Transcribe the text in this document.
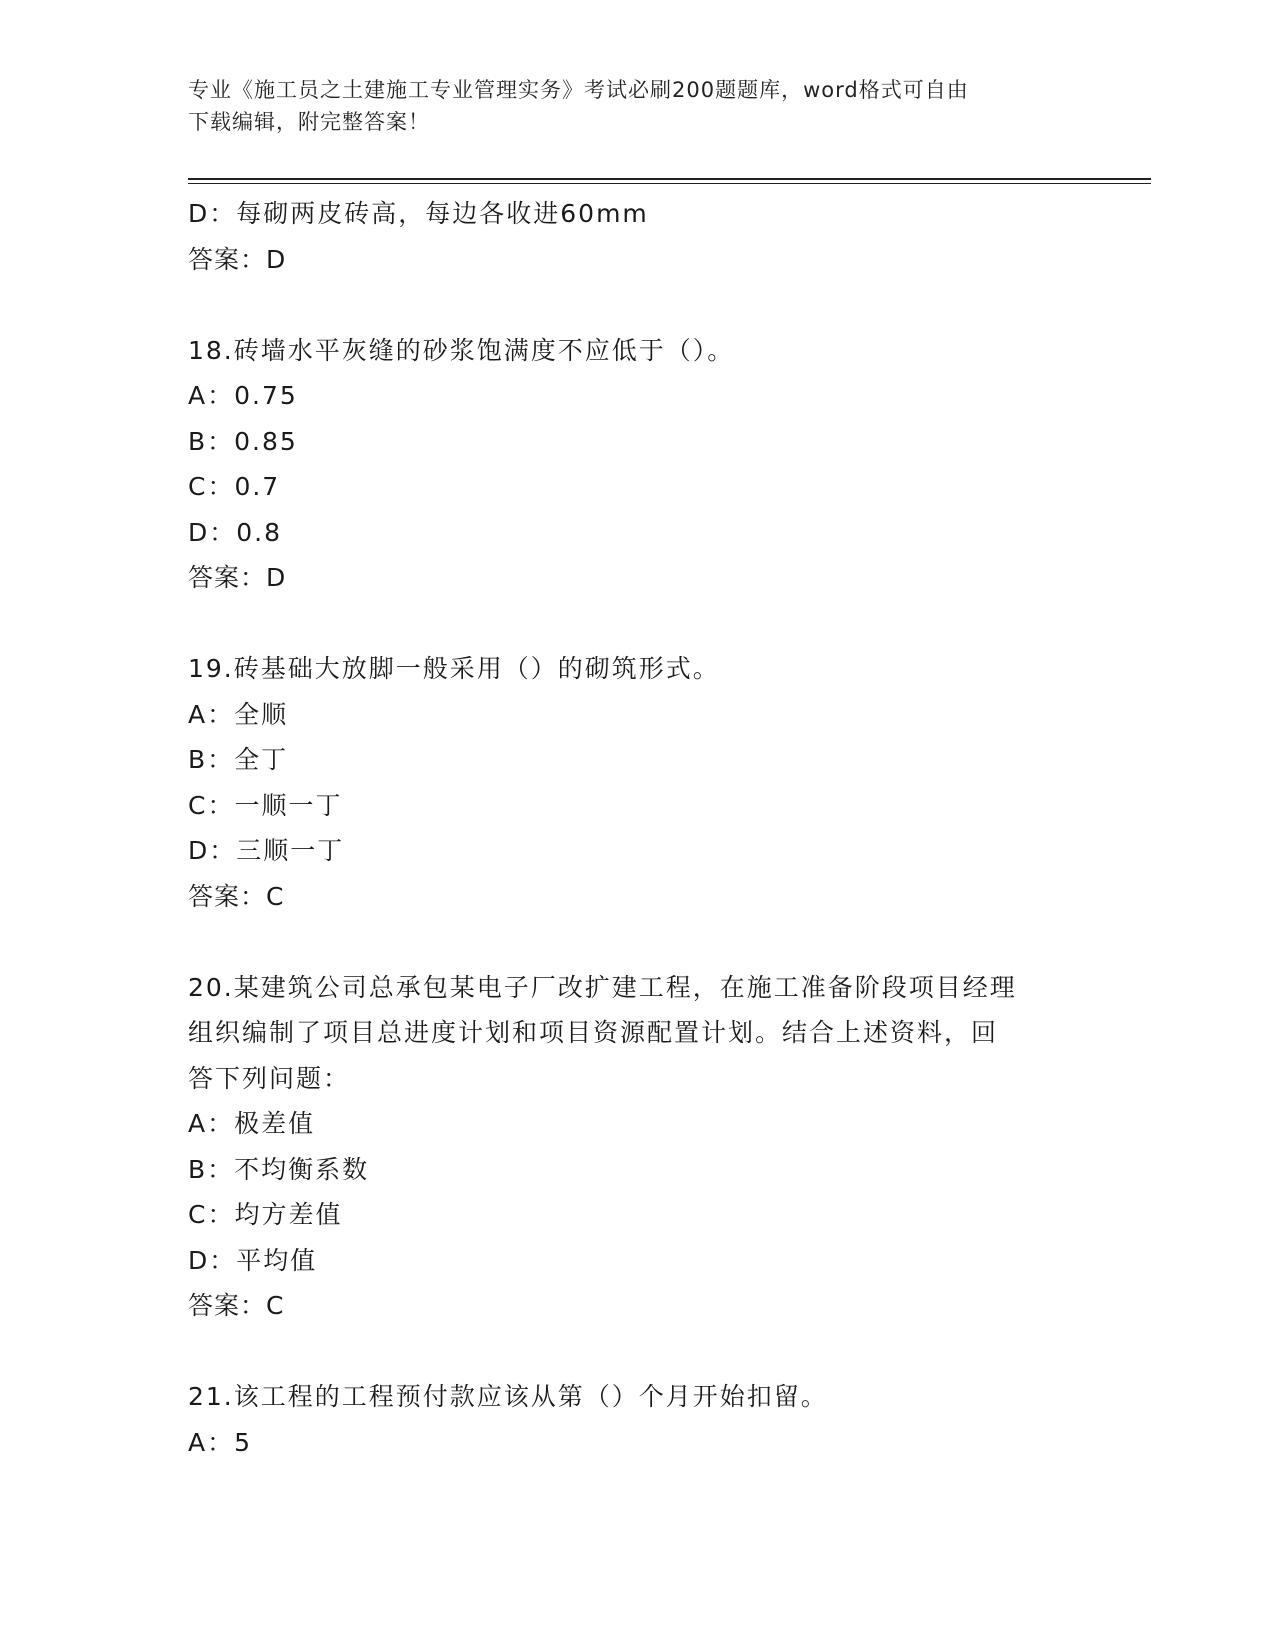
专业《施工员之土建施工专业管理实务》考试必刷200题题库，word格式可自由
下载编辑，附完整答案！
D：每砌两皮砖高，每边各收进60mm
答案：D
18.砖墙水平灰缝的砂浆饱满度不应低于（）。
A：0.75
B：0.85
C：0.7
D：0.8
答案：D
19.砖基础大放脚一般采用（）的砌筑形式。
A：全顺
B：全丁
C：一顺一丁
D：三顺一丁
答案：C
20.某建筑公司总承包某电子厂改扩建工程，在施工准备阶段项目经理
组织编制了项目总进度计划和项目资源配置计划。结合上述资料，回
答下列问题：
A：极差值
B：不均衡系数
C：均方差值
D：平均值
答案：C
21.该工程的工程预付款应该从第（）个月开始扣留。
A：5
